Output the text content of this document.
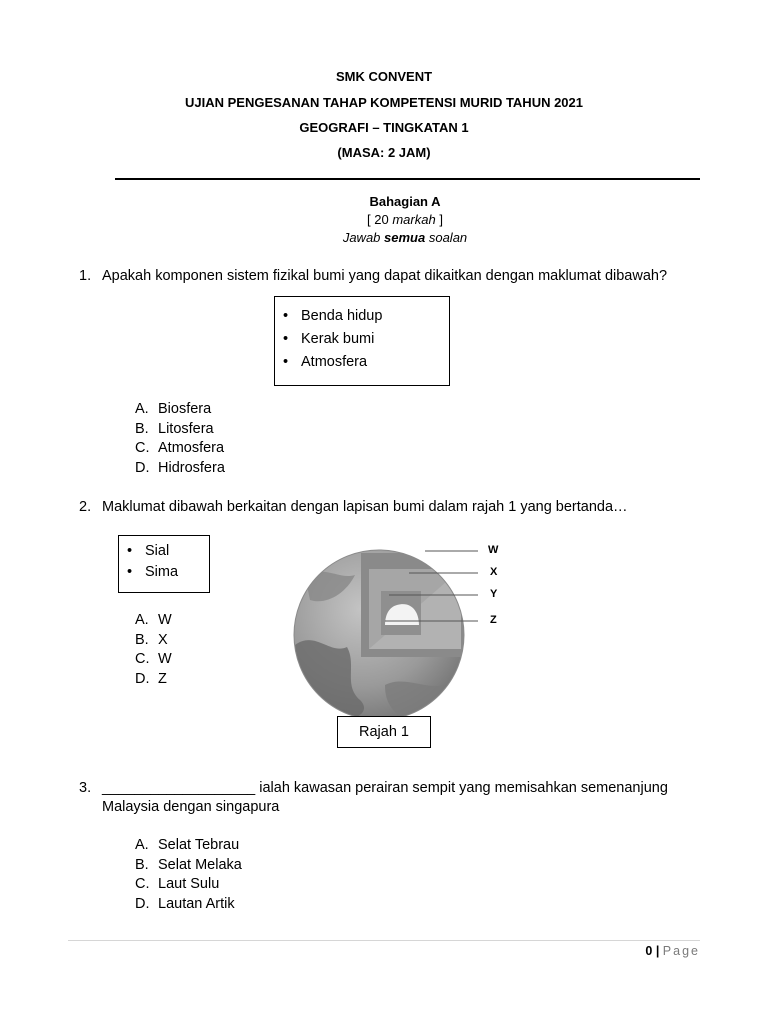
SMK CONVENT
UJIAN PENGESANAN TAHAP KOMPETENSI MURID TAHUN 2021
GEOGRAFI – TINGKATAN 1
(MASA: 2 JAM)
Bahagian A
[ 20 markah ]
Jawab semua soalan
1. Apakah komponen sistem fizikal bumi yang dapat dikaitkan dengan maklumat dibawah?
• Benda hidup
• Kerak bumi
• Atmosfera
A. Biosfera
B. Litosfera
C. Atmosfera
D. Hidrosfera
2. Maklumat dibawah berkaitan dengan lapisan bumi dalam rajah 1 yang bertanda…
• Sial
• Sima
A. W
B. X
C. W
D. Z
W
X
Y
Z
Rajah 1
3. ___________________ ialah kawasan perairan sempit yang memisahkan semenanjung
Malaysia dengan singapura
A. Selat Tebrau
B. Selat Melaka
C. Laut Sulu
D. Lautan Artik
0 | Page
